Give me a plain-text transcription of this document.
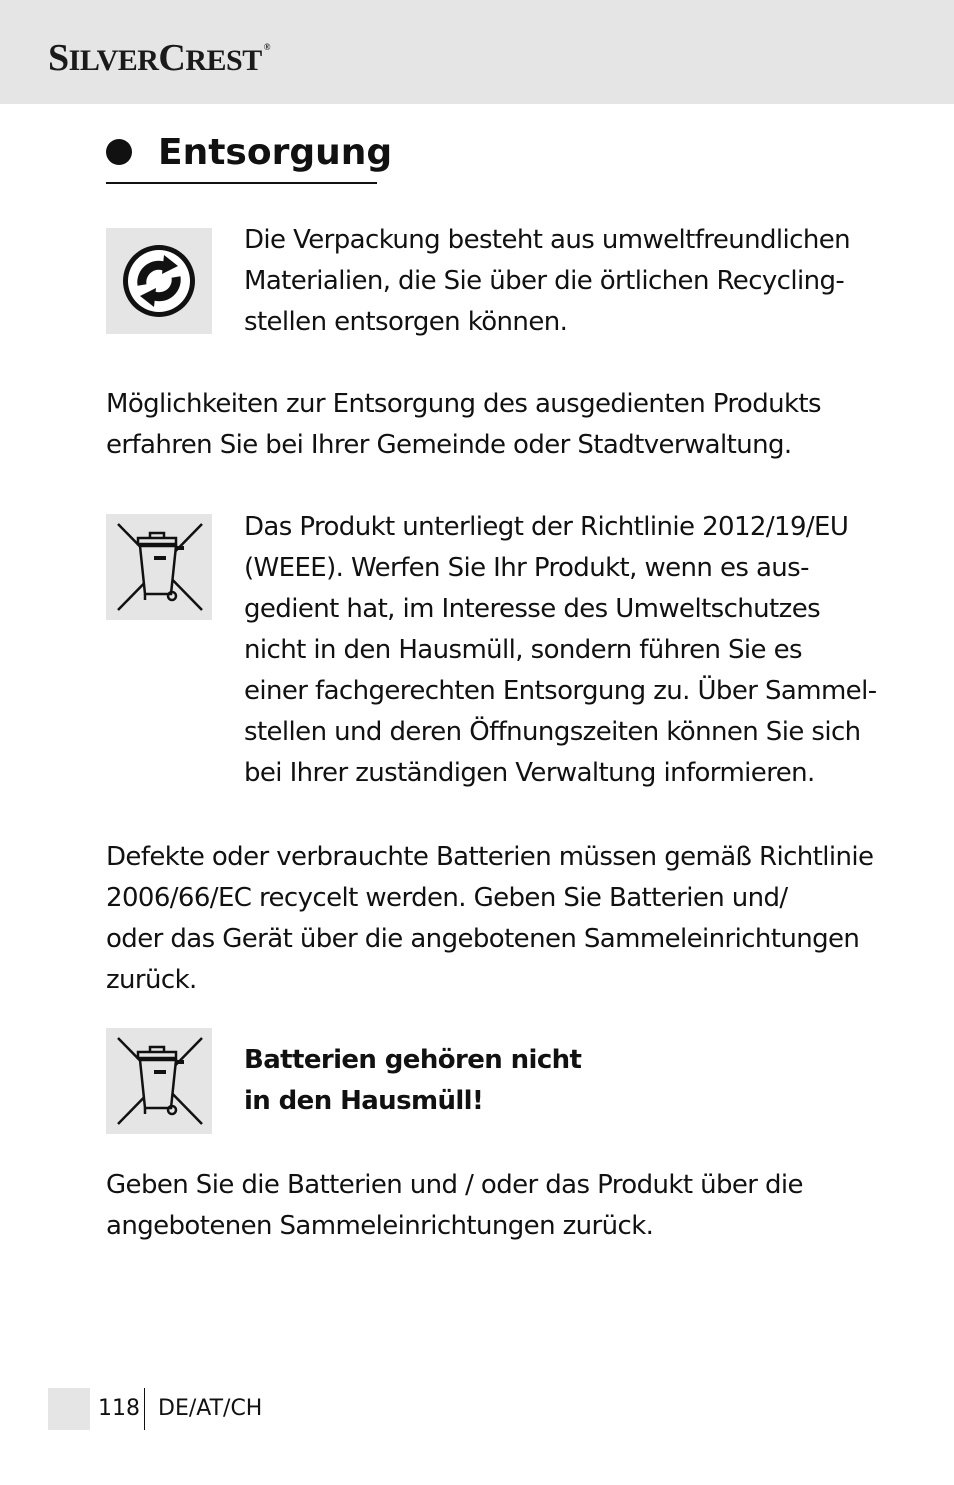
SILVERCREST ®
Entsorgung
Die Verpackung besteht aus umweltfreundlichen
Materialien, die Sie über die örtlichen Recycling-
stellen entsorgen können.
Möglichkeiten zur Entsorgung des ausgedienten Produkts
erfahren Sie bei Ihrer Gemeinde oder Stadtverwaltung.
Das Produkt unterliegt der Richtlinie 2012/19/EU
(WEEE). Werfen Sie Ihr Produkt, wenn es aus-
gedient hat, im Interesse des Umweltschutzes
nicht in den Hausmüll, sondern führen Sie es
einer fachgerechten Entsorgung zu. Über Sammel-
stellen und deren Öffnungszeiten können Sie sich
bei Ihrer zuständigen Verwaltung informieren.
Defekte oder verbrauchte Batterien müssen gemäß Richtlinie
2006/66/EC recycelt werden. Geben Sie Batterien und/
oder das Gerät über die angebotenen Sammeleinrichtungen
zurück.
Batterien gehören nicht
in den Hausmüll!
Geben Sie die Batterien und / oder das Produkt über die
angebotenen Sammeleinrichtungen zurück.
118 DE/AT/CH
